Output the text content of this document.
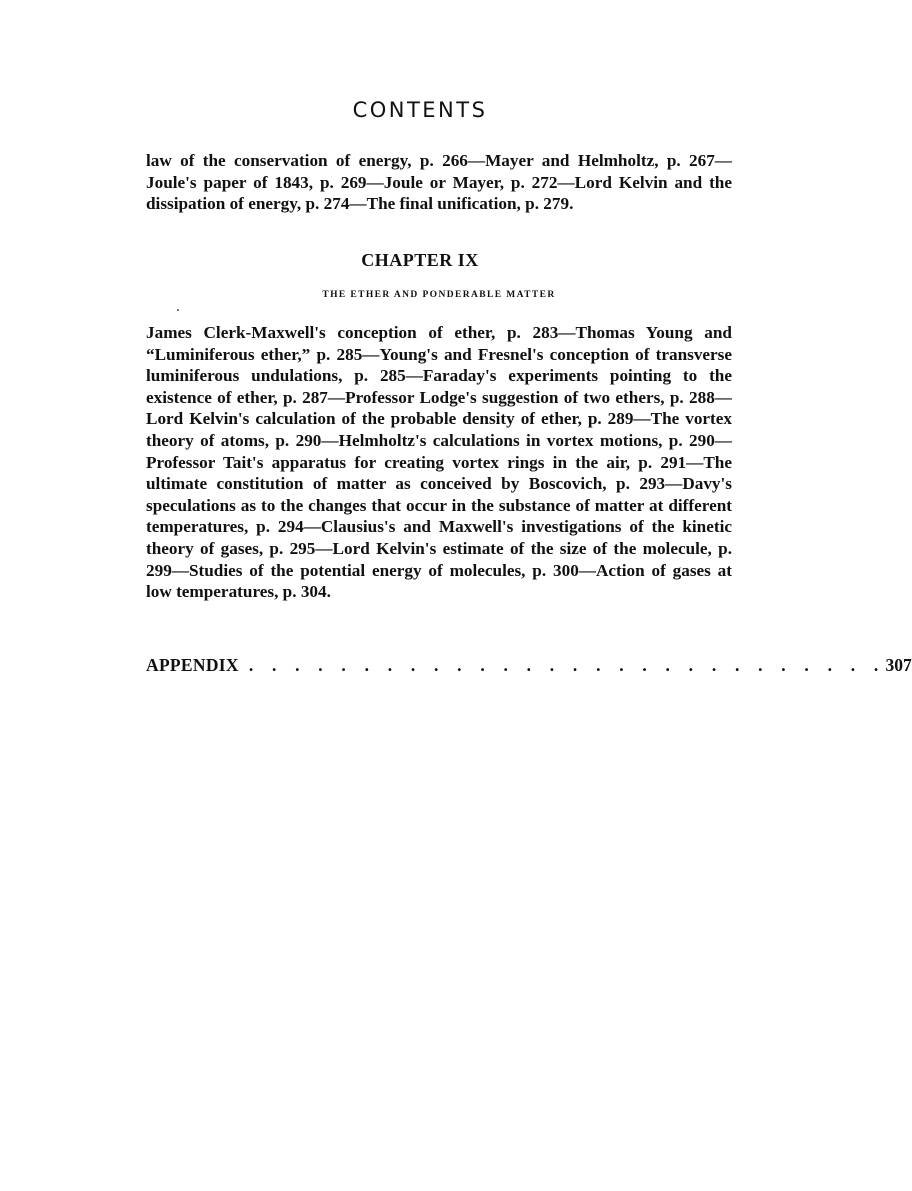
CONTENTS

law of the conservation of energy, p. 266—Mayer and Helmholtz, p. 267—Joule's paper of 1843, p. 269—Joule or Mayer, p. 272—Lord Kelvin and the dissipation of energy, p. 274—The final unification, p. 279.

CHAPTER IX
THE ETHER AND PONDERABLE MATTER

James Clerk-Maxwell's conception of ether, p. 283—Thomas Young and “Luminiferous ether,” p. 285—Young's and Fresnel's conception of transverse luminiferous undulations, p. 285—Faraday's experiments pointing to the existence of ether, p. 287—Professor Lodge's suggestion of two ethers, p. 288—Lord Kelvin's calculation of the probable density of ether, p. 289—The vortex theory of atoms, p. 290—Helmholtz's calculations in vortex motions, p. 290—Professor Tait's apparatus for creating vortex rings in the air, p. 291—The ultimate constitution of matter as conceived by Boscovich, p. 293—Davy's speculations as to the changes that occur in the substance of matter at different temperatures, p. 294—Clausius's and Maxwell's investigations of the kinetic theory of gases, p. 295—Lord Kelvin's estimate of the size of the molecule, p. 299—Studies of the potential energy of molecules, p. 300—Action of gases at low temperatures, p. 304.

APPENDIX . . . . . . . . . . . . . . . . . . . . . . . . . . . . 307
